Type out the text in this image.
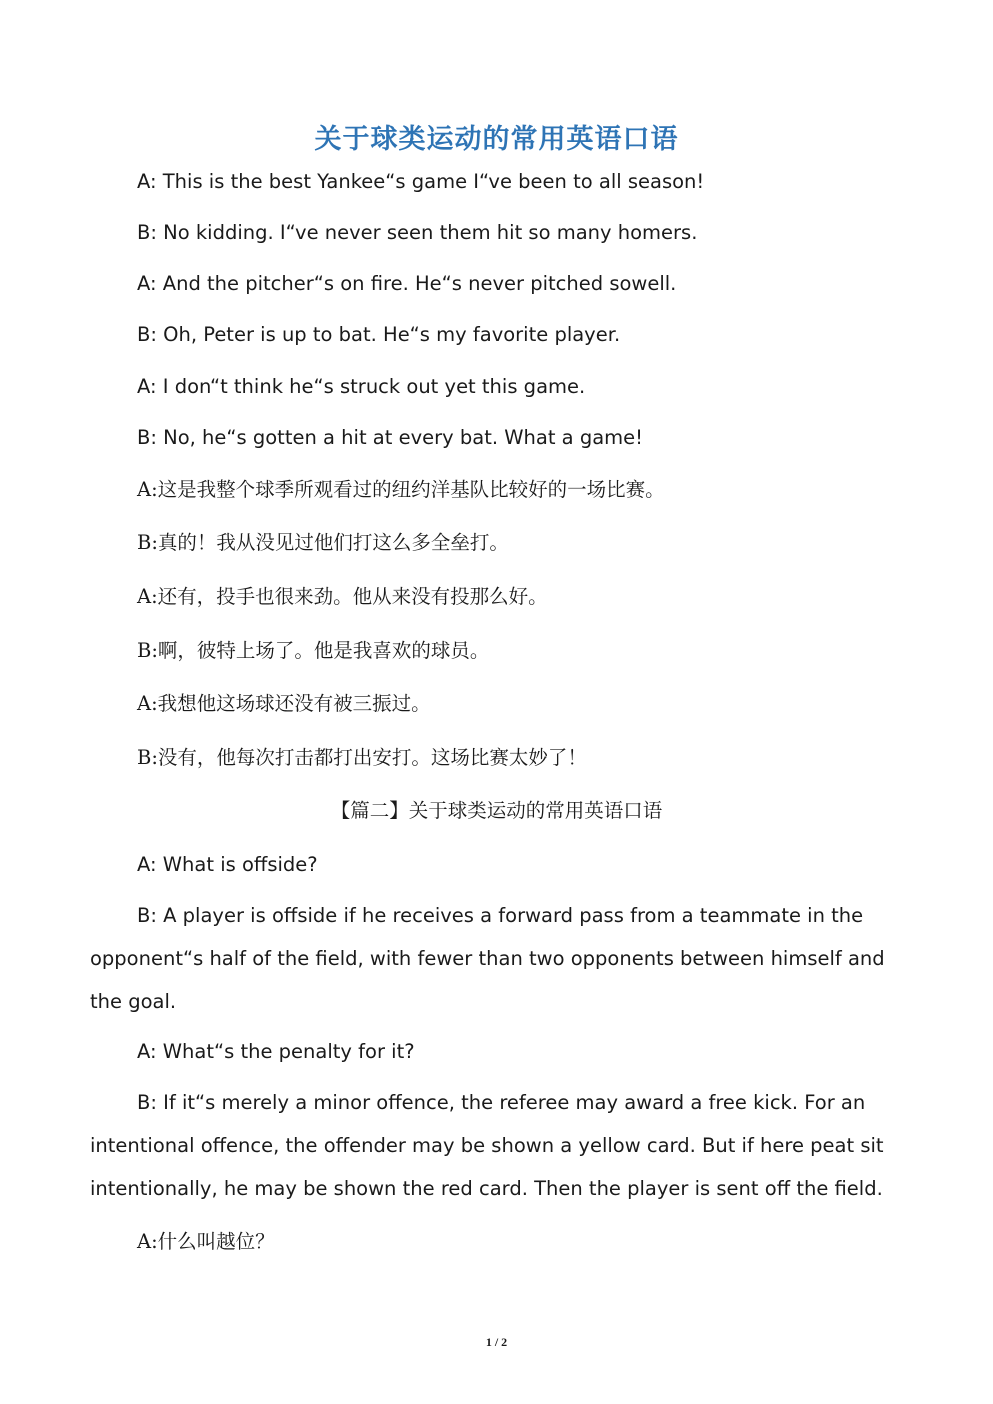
关于球类运动的常用英语口语
A: This is the best Yankee“s game I“ve been to all season!
B: No kidding. I“ve never seen them hit so many homers.
A: And the pitcher“s on fire. He“s never pitched sowell.
B: Oh, Peter is up to bat. He“s my favorite player.
A: I don“t think he“s struck out yet this game.
B: No, he“s gotten a hit at every bat. What a game!
A:这是我整个球季所观看过的纽约洋基队比较好的一场比赛。
B:真的！我从没见过他们打这么多全垒打。
A:还有，投手也很来劲。他从来没有投那么好。
B:啊，彼特上场了。他是我喜欢的球员。
A:我想他这场球还没有被三振过。
B:没有，他每次打击都打出安打。这场比赛太妙了！
【篇二】关于球类运动的常用英语口语
A: What is offside?
B: A player is offside if he receives a forward pass from a teammate in the
opponent“s half of the field, with fewer than two opponents between himself and
the goal.
A: What“s the penalty for it?
B: If it“s merely a minor offence, the referee may award a free kick. For an
intentional offence, the offender may be shown a yellow card. But if here peat sit
intentionally, he may be shown the red card. Then the player is sent off the field.
A:什么叫越位？
1 / 2
